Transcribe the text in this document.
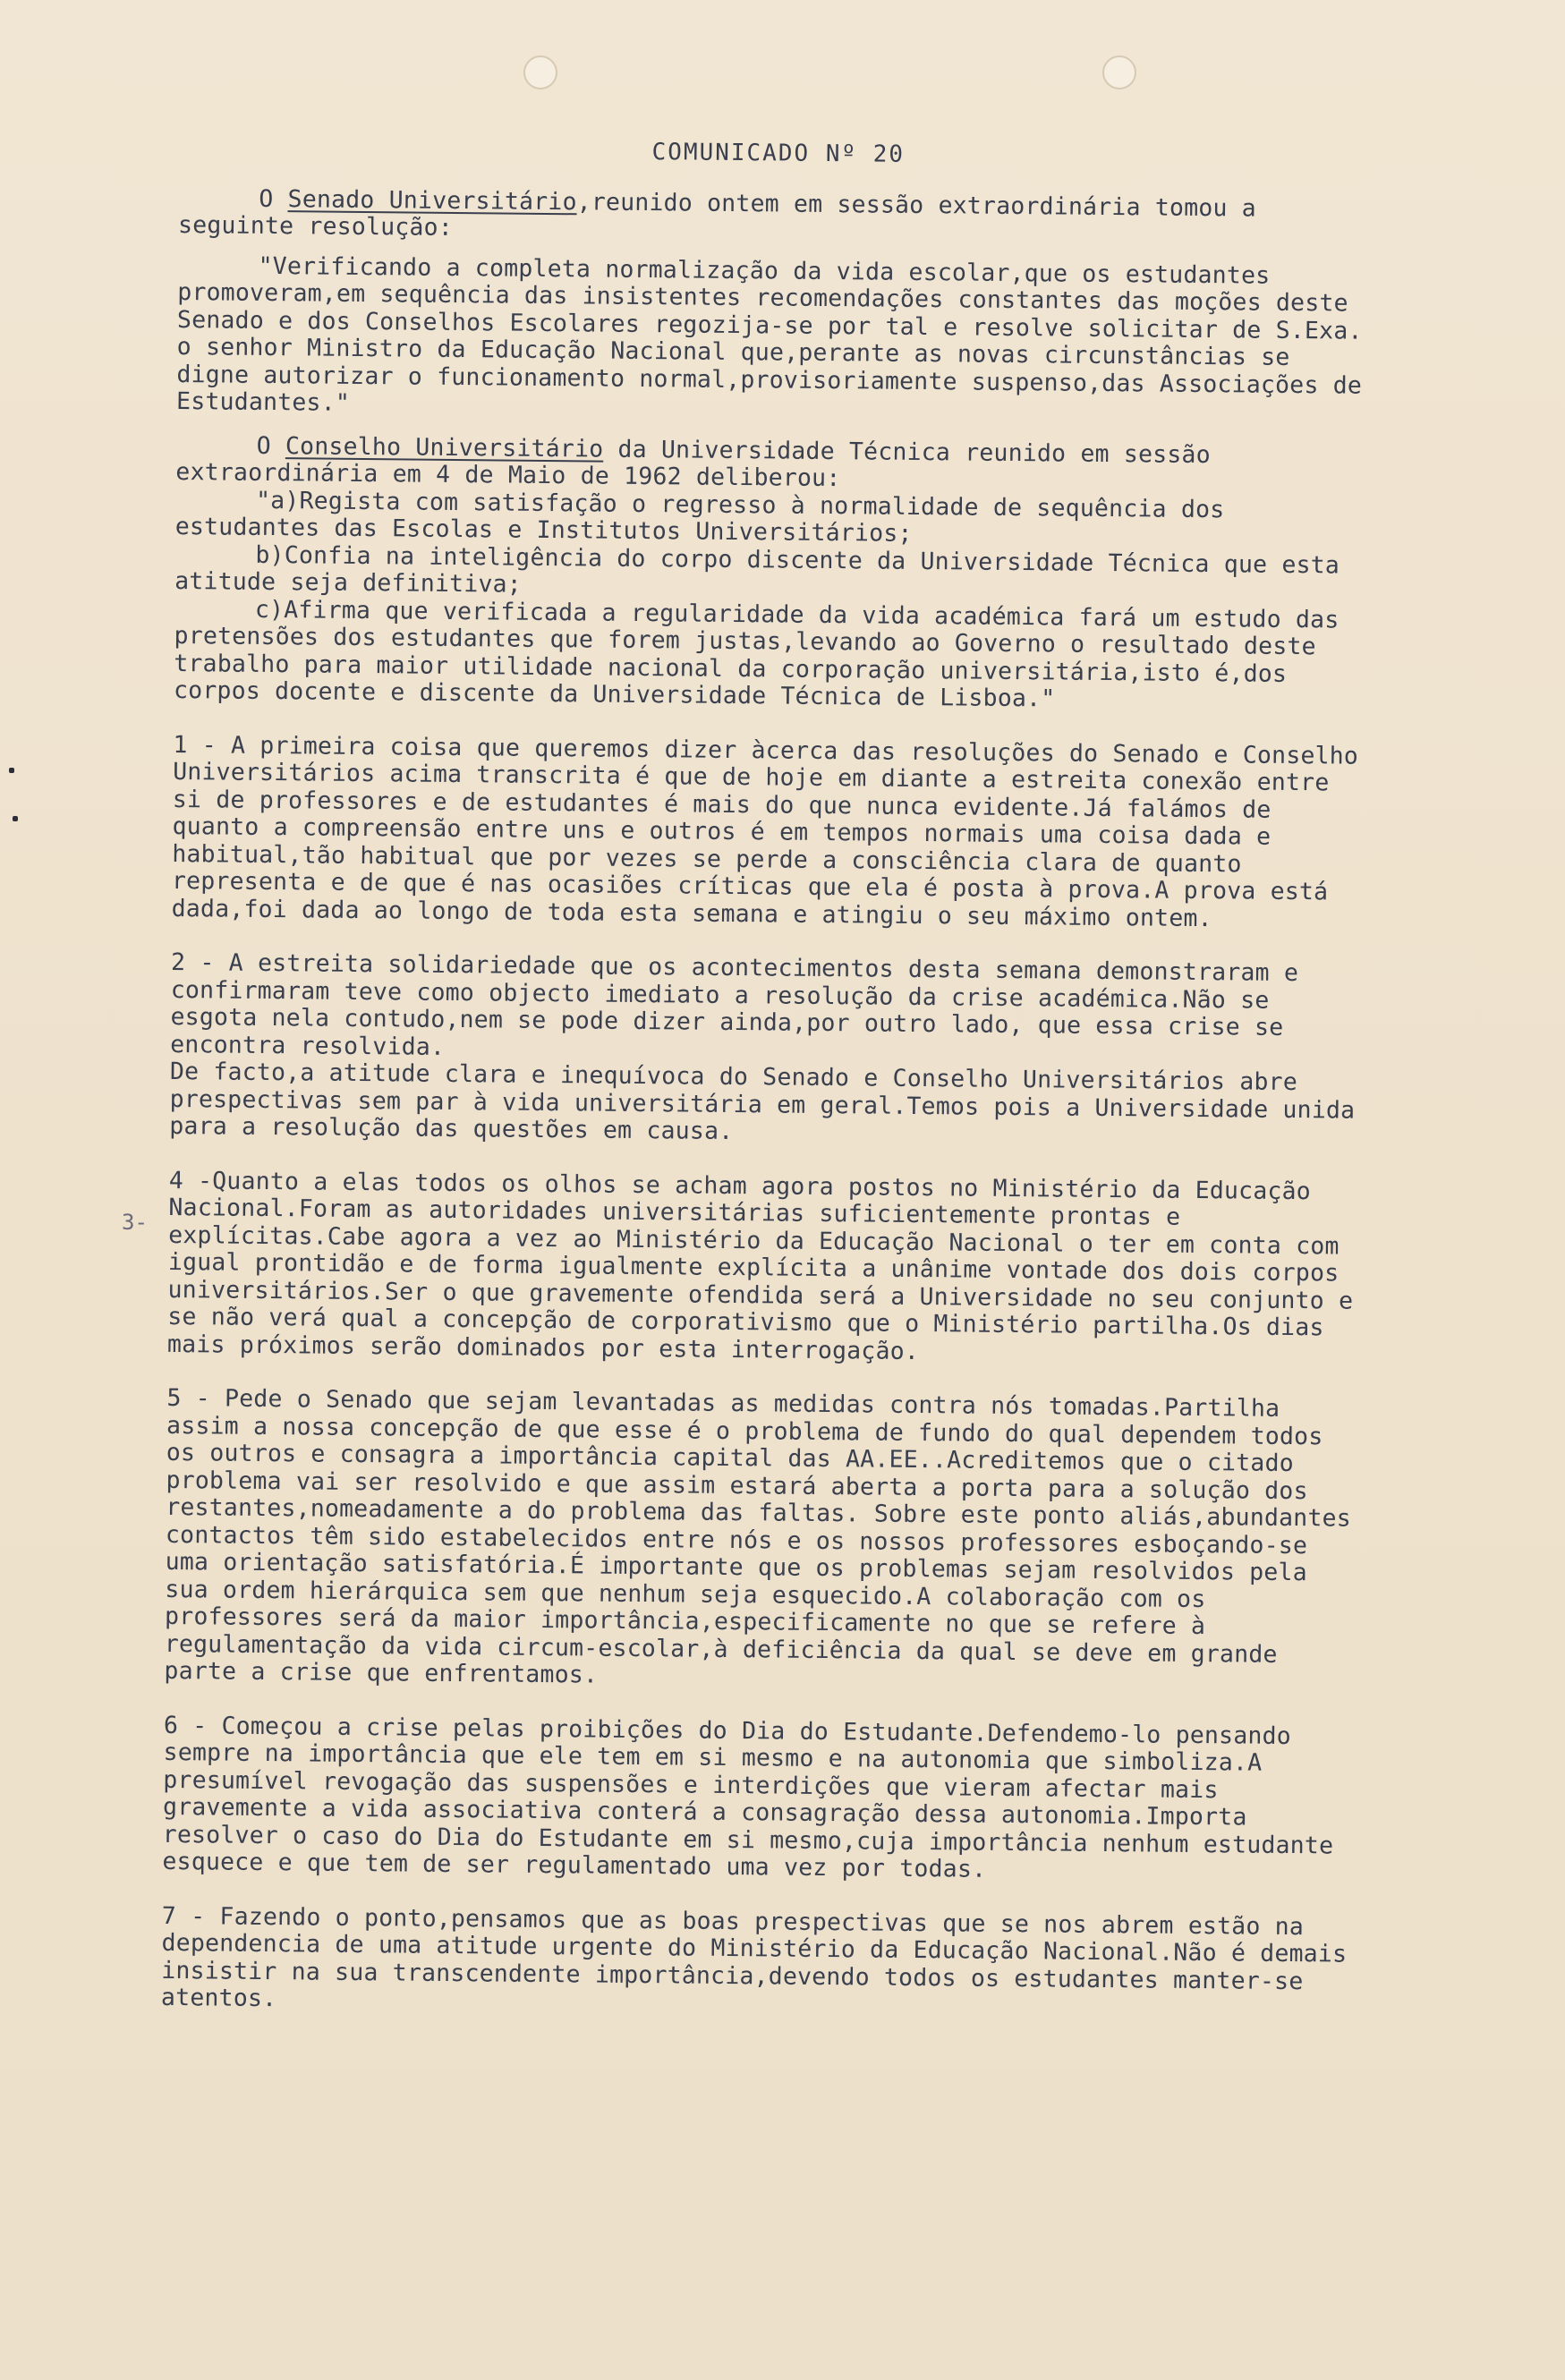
3-
COMUNICADO Nº 20

O Senado Universitário,reunido ontem em sessão extraordinária tomou a seguinte resolução:

"Verificando a completa normalização da vida escolar,que os estudantes promoveram,em sequência das insistentes recomendações constantes das moções deste Senado e dos Conselhos Escolares regozija-se por tal e resolve solicitar de S.Exa. o senhor Ministro da Educação Nacional que,perante as novas circunstâncias se digne autorizar o funcionamento normal,provisoriamente suspenso,das Associações de Estudantes."

O Conselho Universitário da Universidade Técnica reunido em sessão extraordinária em 4 de Maio de 1962 deliberou:

"a)Regista com satisfação o regresso à normalidade de sequência dos estudantes das Escolas e Institutos Universitários;

b)Confia na inteligência do corpo discente da Universidade Técnica que esta atitude seja definitiva;

c)Afirma que verificada a regularidade da vida académica fará um estudo das pretensões dos estudantes que forem justas,levando ao Governo o resultado deste trabalho para maior utilidade nacional da corporação universitária,isto é,dos corpos docente e discente da Universidade Técnica de Lisboa."

1 - A primeira coisa que queremos dizer àcerca das resoluções do Senado e Conselho Universitários acima transcrita é que de hoje em diante a estreita conexão entre si de professores e de estudantes é mais do que nunca evidente.Já falámos de quanto a compreensão entre uns e outros é em tempos normais uma coisa dada e habitual,tão habitual que por vezes se perde a consciência clara de quanto representa e de que é nas ocasiões críticas que ela é posta à prova.A prova está dada,foi dada ao longo de toda esta semana e atingiu o seu máximo ontem.

2 - A estreita solidariedade que os acontecimentos desta semana demonstraram e confirmaram teve como objecto imediato a resolução da crise académica.Não se esgota nela contudo,nem se pode dizer ainda,por outro lado, que essa crise se encontra resolvida.

De facto,a atitude clara e inequívoca do Senado e Conselho Universitários abre prespectivas sem par à vida universitária em geral.Temos pois a Universidade unida para a resolução das questões em causa.

4 -Quanto a elas todos os olhos se acham agora postos no Ministério da Educação Nacional.Foram as autoridades universitárias suficientemente prontas e explícitas.Cabe agora a vez ao Ministério da Educação Nacional o ter em conta com igual prontidão e de forma igualmente explícita a unânime vontade dos dois corpos universitários.Ser o que gravemente ofendida será a Universidade no seu conjunto e se não verá qual a concepção de corporativismo que o Ministério partilha.Os dias mais próximos serão dominados por esta interrogação.

5 - Pede o Senado que sejam levantadas as medidas contra nós tomadas.Partilha assim a nossa concepção de que esse é o problema de fundo do qual dependem todos os outros e consagra a importância capital das AA.EE..Acreditemos que o citado problema vai ser resolvido e que assim estará aberta a porta para a solução dos restantes,nomeadamente a do problema das faltas. Sobre este ponto aliás,abundantes contactos têm sido estabelecidos entre nós e os nossos professores esboçando-se uma orientação satisfatória.É importante que os problemas sejam resolvidos pela sua ordem hierárquica sem que nenhum seja esquecido.A colaboração com os professores será da maior importância,especificamente no que se refere à regulamentação da vida circum-escolar,à deficiência da qual se deve em grande parte a crise que enfrentamos.

6 - Começou a crise pelas proibições do Dia do Estudante.Defendemo-lo pensando sempre na importância que ele tem em si mesmo e na autonomia que simboliza.A presumível revogação das suspensões e interdições que vieram afectar mais gravemente a vida associativa conterá a consagração dessa autonomia.Importa resolver o caso do Dia do Estudante em si mesmo,cuja importância nenhum estudante esquece e que tem de ser regulamentado uma vez por todas.

7 - Fazendo o ponto,pensamos que as boas prespectivas que se nos abrem estão na dependencia de uma atitude urgente do Ministério da Educação Nacional.Não é demais insistir na sua transcendente importância,devendo todos os estudantes manter-se atentos.
